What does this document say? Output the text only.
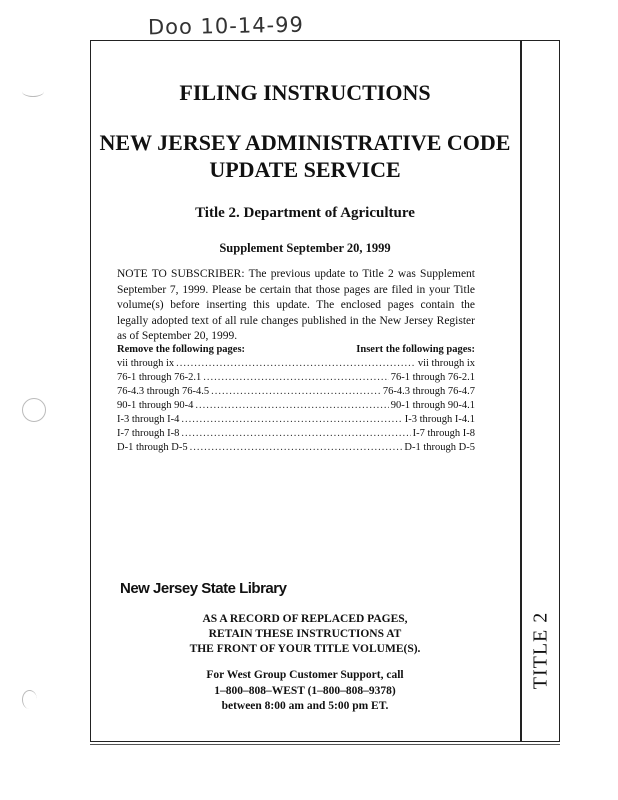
Doo 10-14-99
TITLE 2
FILING INSTRUCTIONS
NEW JERSEY ADMINISTRATIVE CODE
UPDATE SERVICE
Title 2. Department of Agriculture
Supplement September 20, 1999
NOTE TO SUBSCRIBER: The previous update to Title 2 was Supplement September 7, 1999. Please be certain that those pages are filed in your Title volume(s) before inserting this update. The enclosed pages contain the legally adopted text of all rule changes published in the New Jersey Register as of September 20, 1999.
Remove the following pages:	Insert the following pages:
vii through ix .....	vii through ix
76-1 through 76-2.1 .....	76-1 through 76-2.1
76-4.3 through 76-4.5 .....	76-4.3 through 76-4.7
90-1 through 90-4 .....	90-1 through 90-4.1
I-3 through I-4 .....	I-3 through I-4.1
I-7 through I-8 .....	I-7 through I-8
D-1 through D-5 .....	D-1 through D-5
New Jersey State Library
AS A RECORD OF REPLACED PAGES,
RETAIN THESE INSTRUCTIONS AT
THE FRONT OF YOUR TITLE VOLUME(S).
For West Group Customer Support, call
1–800–808–WEST (1–800–808–9378)
between 8:00 am and 5:00 pm ET.
